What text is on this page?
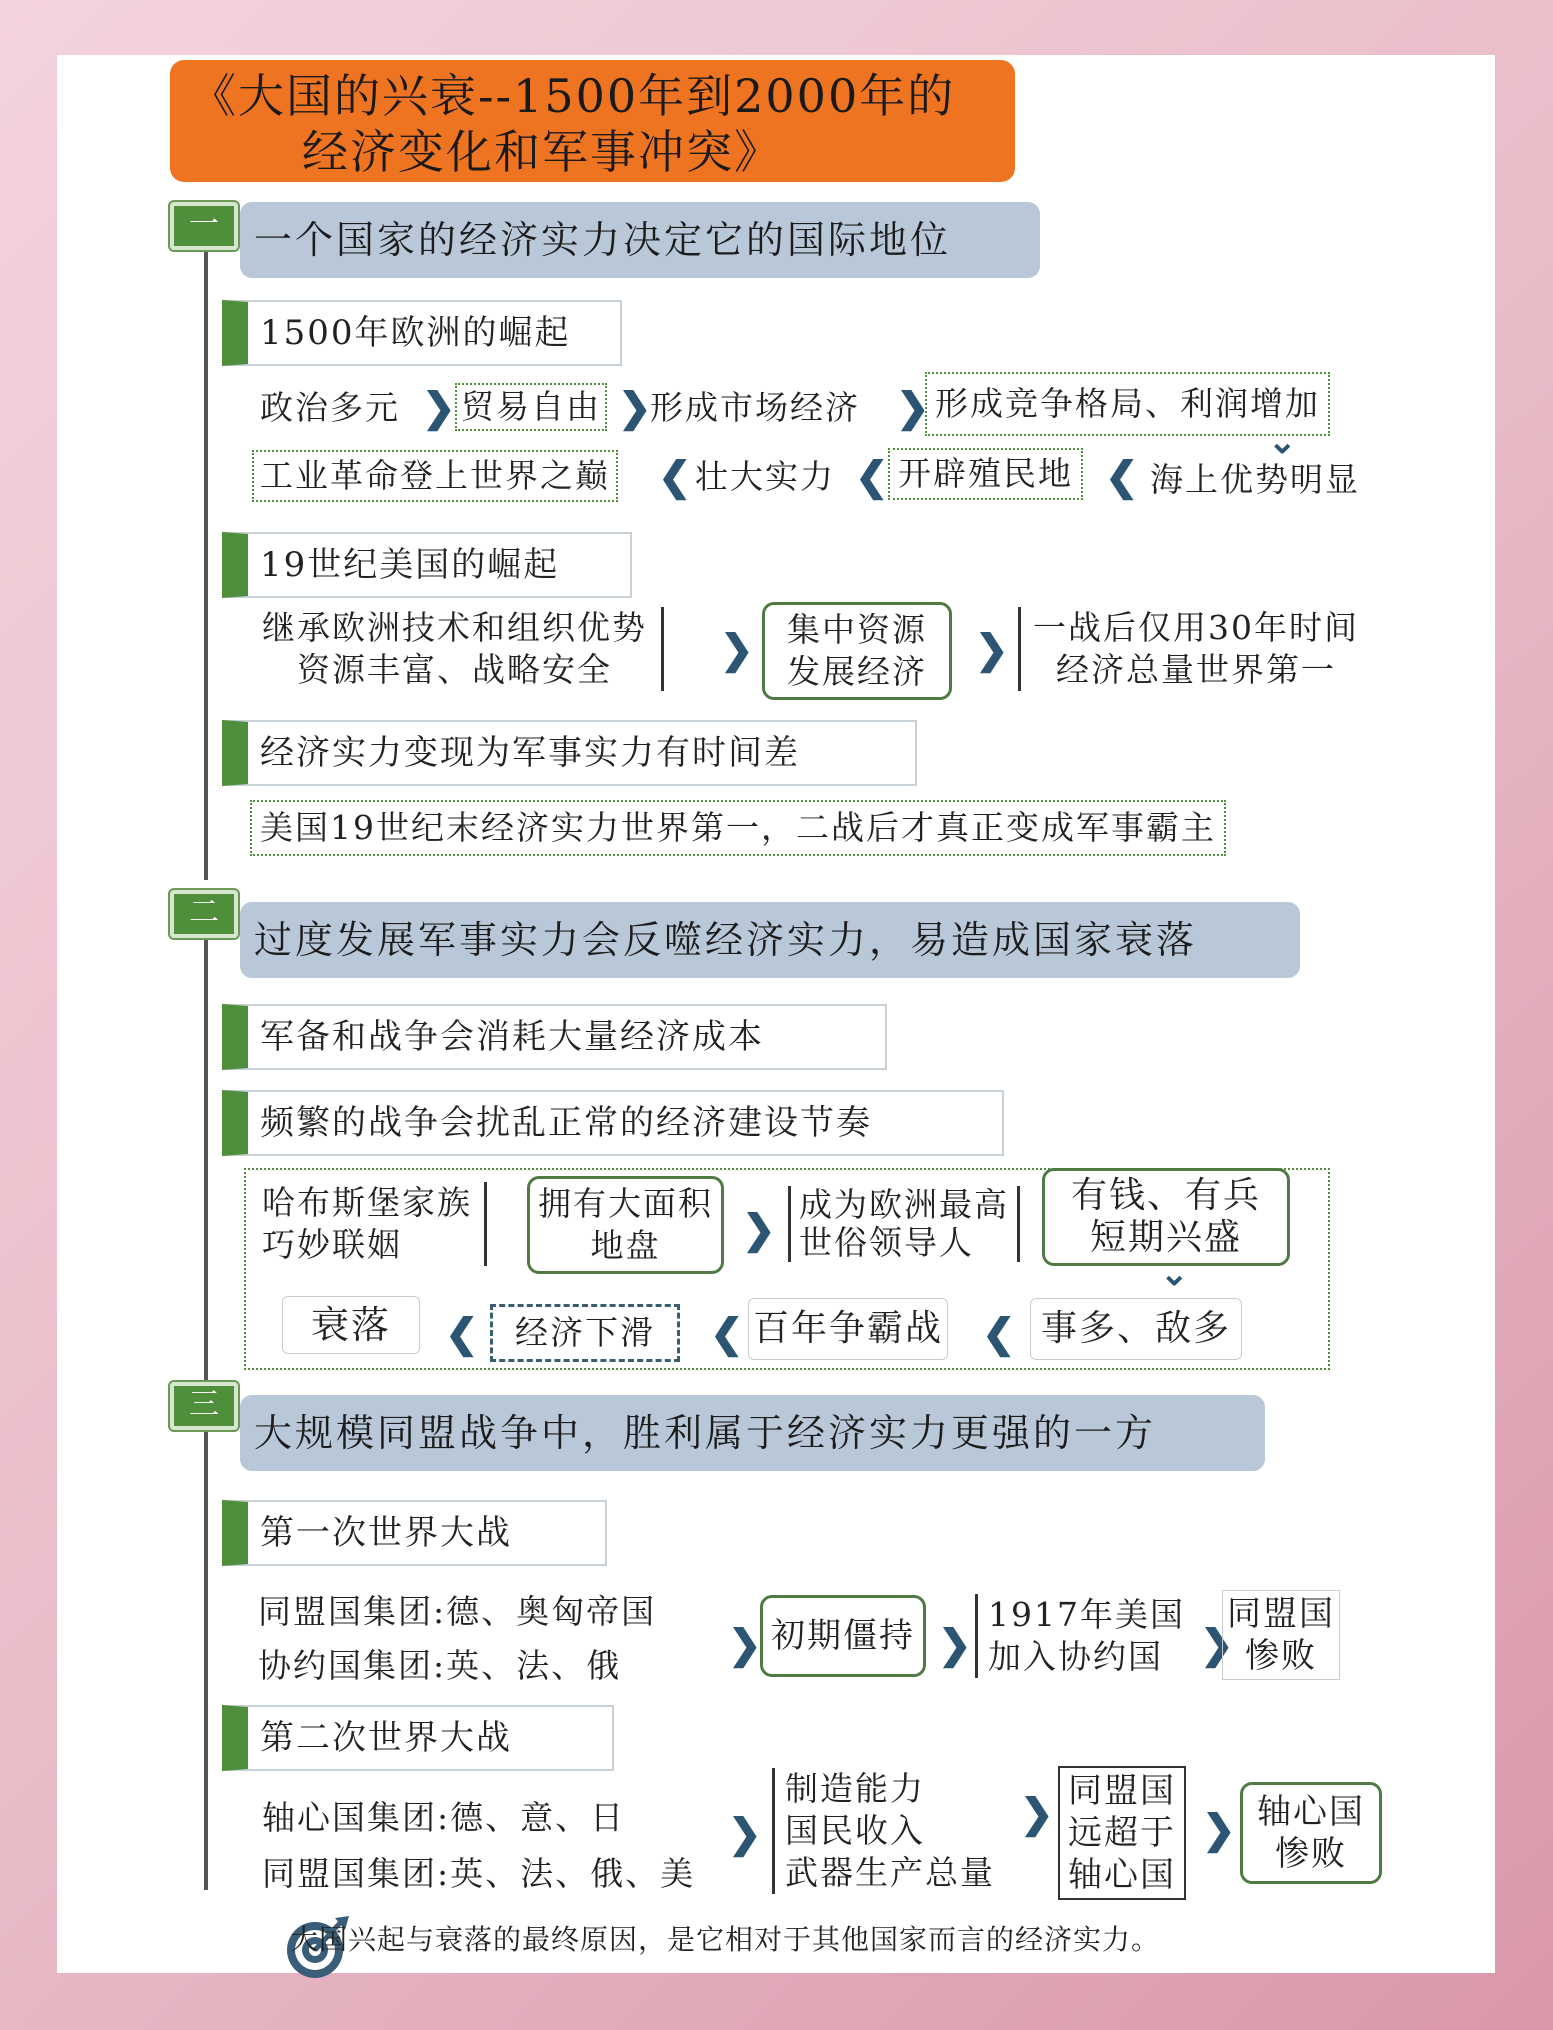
《大国的兴衰--1500年到2000年的
经济变化和军事冲突》
一 一个国家的经济实力决定它的国际地位
1500年欧洲的崛起
政治多元 ❯ 贸易自由 ❯
形成市场经济 ❯ 形成竞争格局、利润增加
⌄
工业革命登上世界之巅 ❮ 壮大实力 ❮ 开辟殖民地 ❮ 海上优势明显
19世纪美国的崛起
继承欧洲技术和组织优势
资源丰富、战略安全	❯ 集中资源
发展经济 ❯ 一战后仅用30年时间
经济总量世界第一
经济实力变现为军事实力有时间差
美国19世纪末经济实力世界第一，二战后才真正变成军事霸主
二
过度发展军事实力会反噬经济实力，易造成国家衰落
军备和战争会消耗大量经济成本
频繁的战争会扰乱正常的经济建设节奏
哈布斯堡家族
巧妙联姻
拥有大面积
地盘	❯
成为欧洲最高
世俗领导人
有钱、有兵
短期兴盛
⌄
衰落	❮	经济下滑	❮ 百年争霸战 ❮ 事多、敌多
三
大规模同盟战争中，胜利属于经济实力更强的一方
第一次世界大战
同盟国集团:德、奥匈帝国
协约国集团:英、法、俄	❯ 初期僵持 ❯
1917年美国
加入协约国 ❯
同盟国
惨败
第二次世界大战
轴心国集团:德、意、日
同盟国集团:英、法、俄、美
❯
制造能力
国民收入
武器生产总量
❯ 同盟国
远超于
轴心国
❯ 轴心国
惨败
大国兴起与衰落的最终原因，是它相对于其他国家而言的经济实力。
